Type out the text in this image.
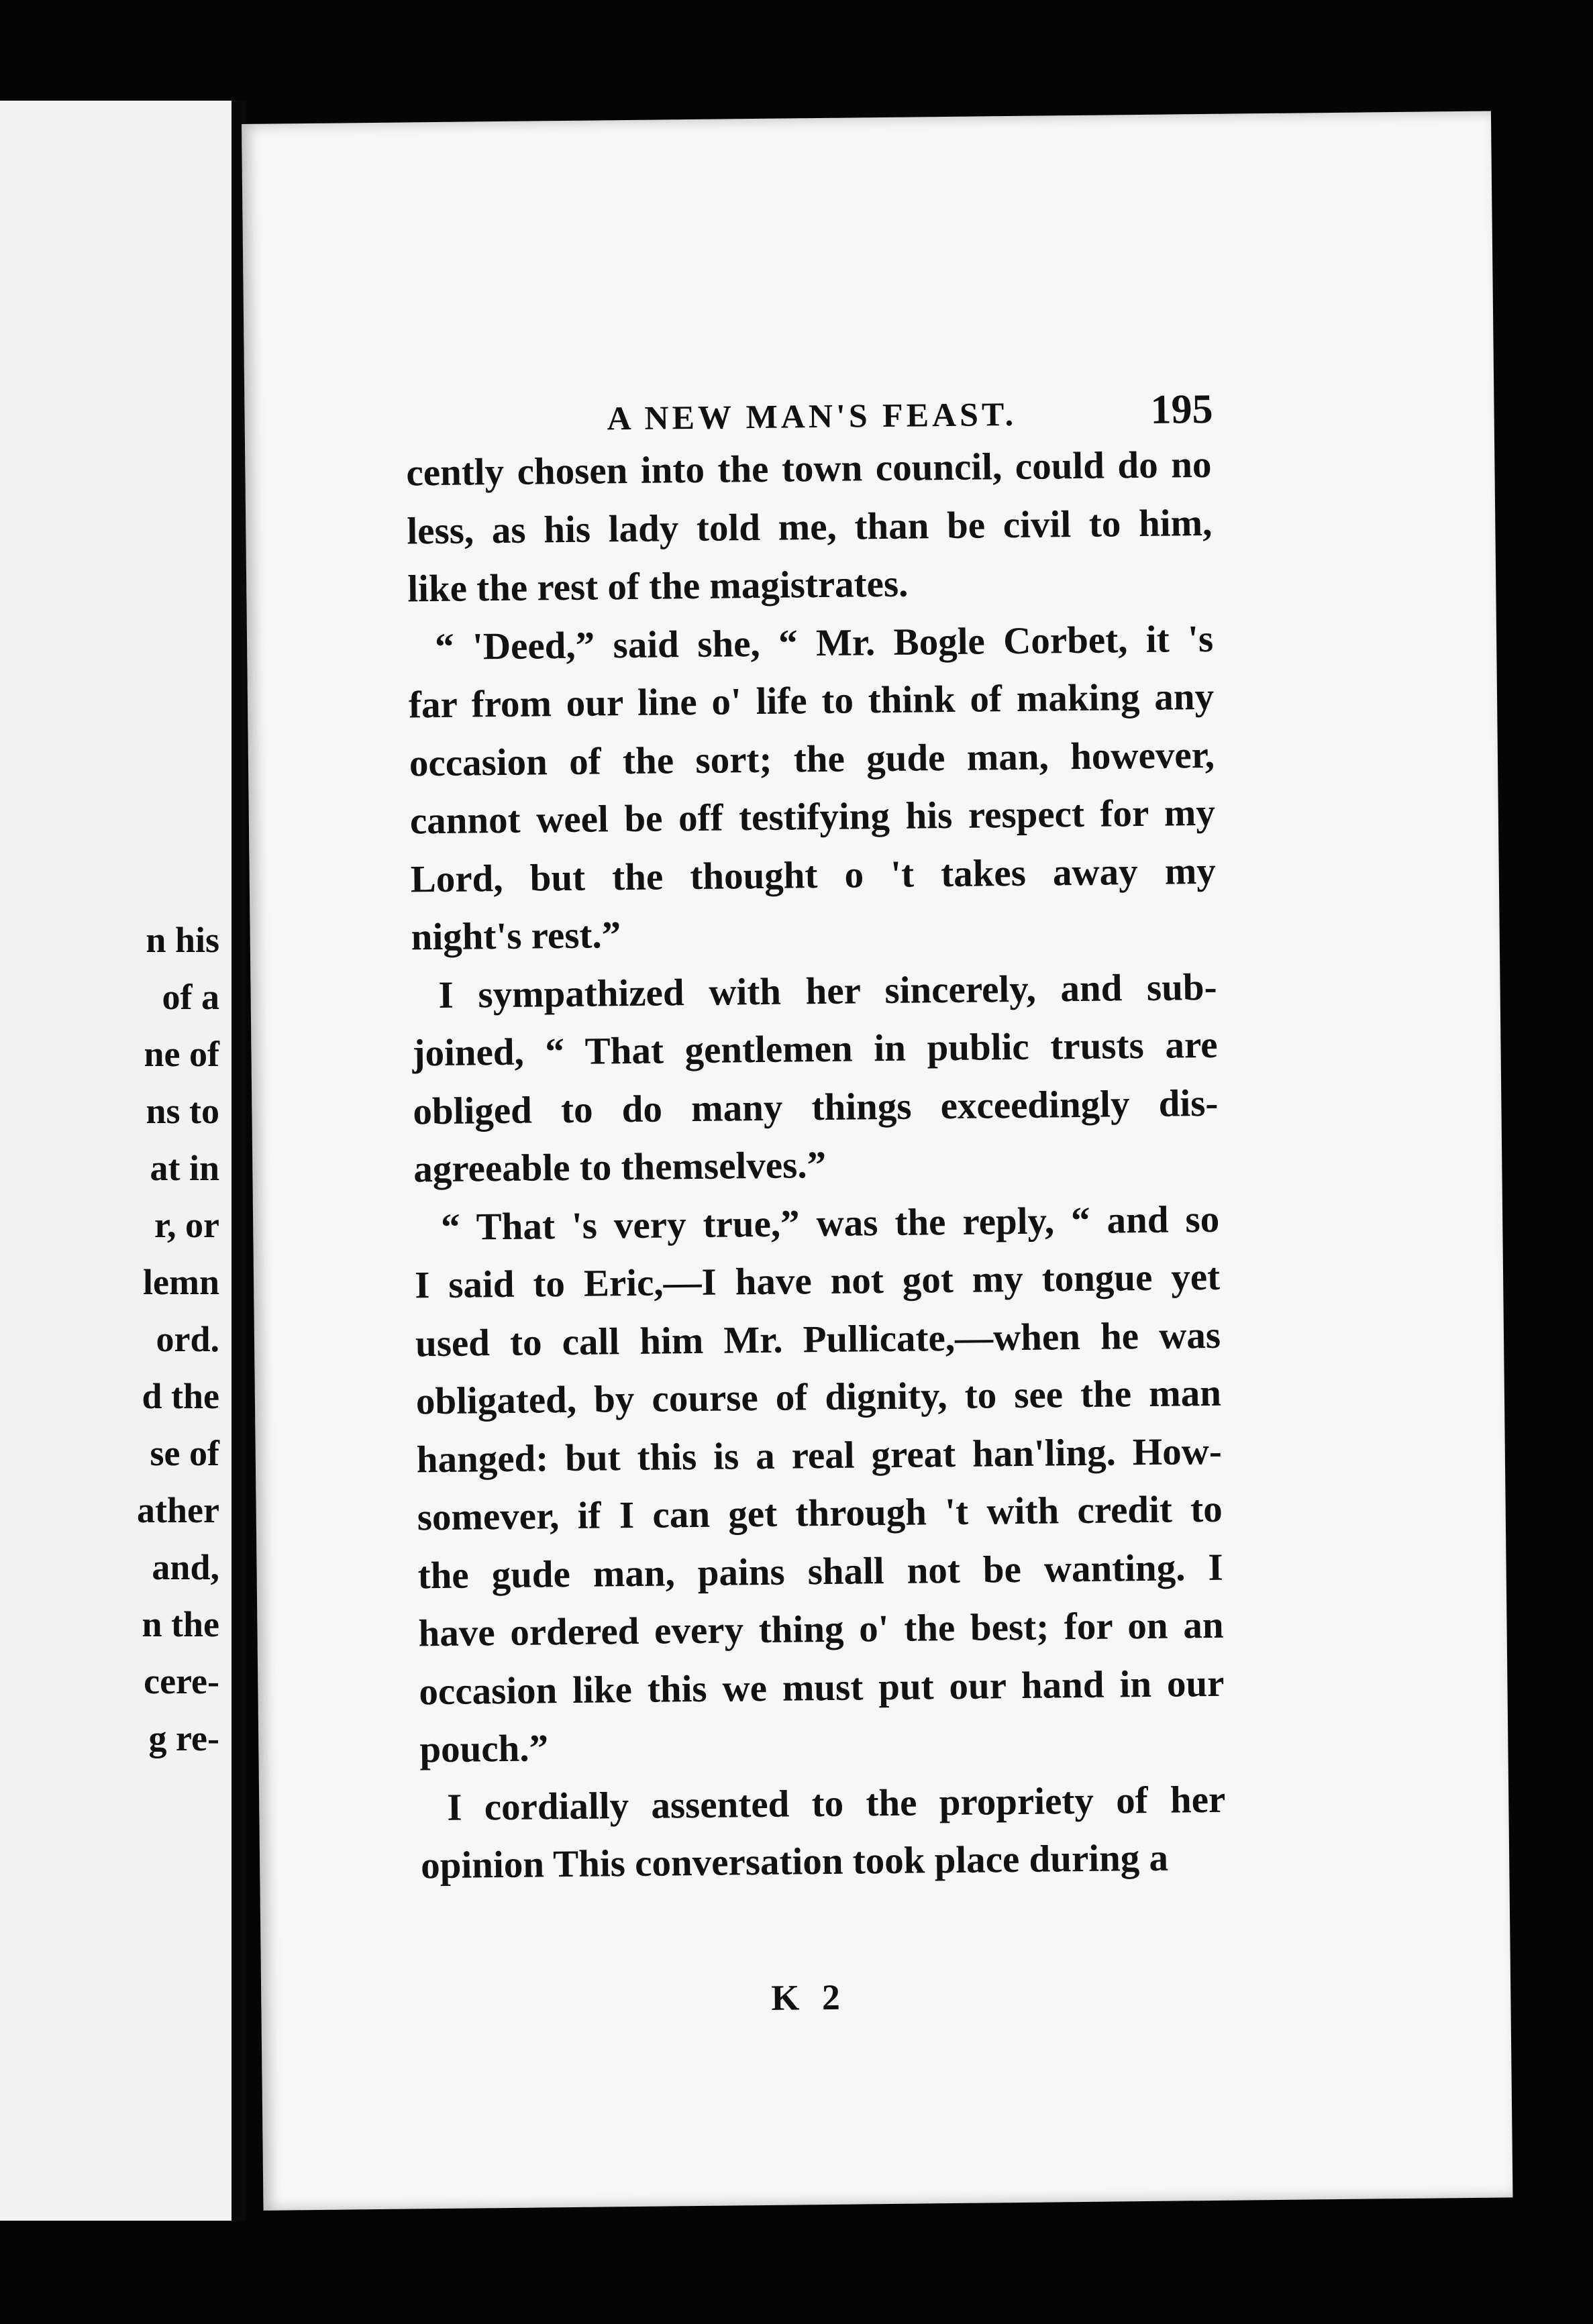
n his
of a
ne of
ns to
at in
r, or
lemn
ord.
d the
se of
ather
and,
n the
cere-
g re-
A NEW MAN'S FEAST.	195
cently chosen into the town council, could do no
less, as his lady told me, than be civil to him,
like the rest of the magistrates.
“ 'Deed,” said she, “ Mr. Bogle Corbet, it 's
far from our line o' life to think of making any
occasion of the sort; the gude man, however,
cannot weel be off testifying his respect for my
Lord, but the thought o 't takes away my
night's rest.”
I sympathized with her sincerely, and sub-
joined, “ That gentlemen in public trusts are
obliged to do many things exceedingly dis-
agreeable to themselves.”
“ That 's very true,” was the reply, “ and so
I said to Eric,—I have not got my tongue yet
used to call him Mr. Pullicate,—when he was
obligated, by course of dignity, to see the man
hanged: but this is a real great han'ling. How-
somever, if I can get through 't with credit to
the gude man, pains shall not be wanting. I
have ordered every thing o' the best; for on an
occasion like this we must put our hand in our
pouch.”
I cordially assented to the propriety of her
opinion This conversation took place during a
K 2
